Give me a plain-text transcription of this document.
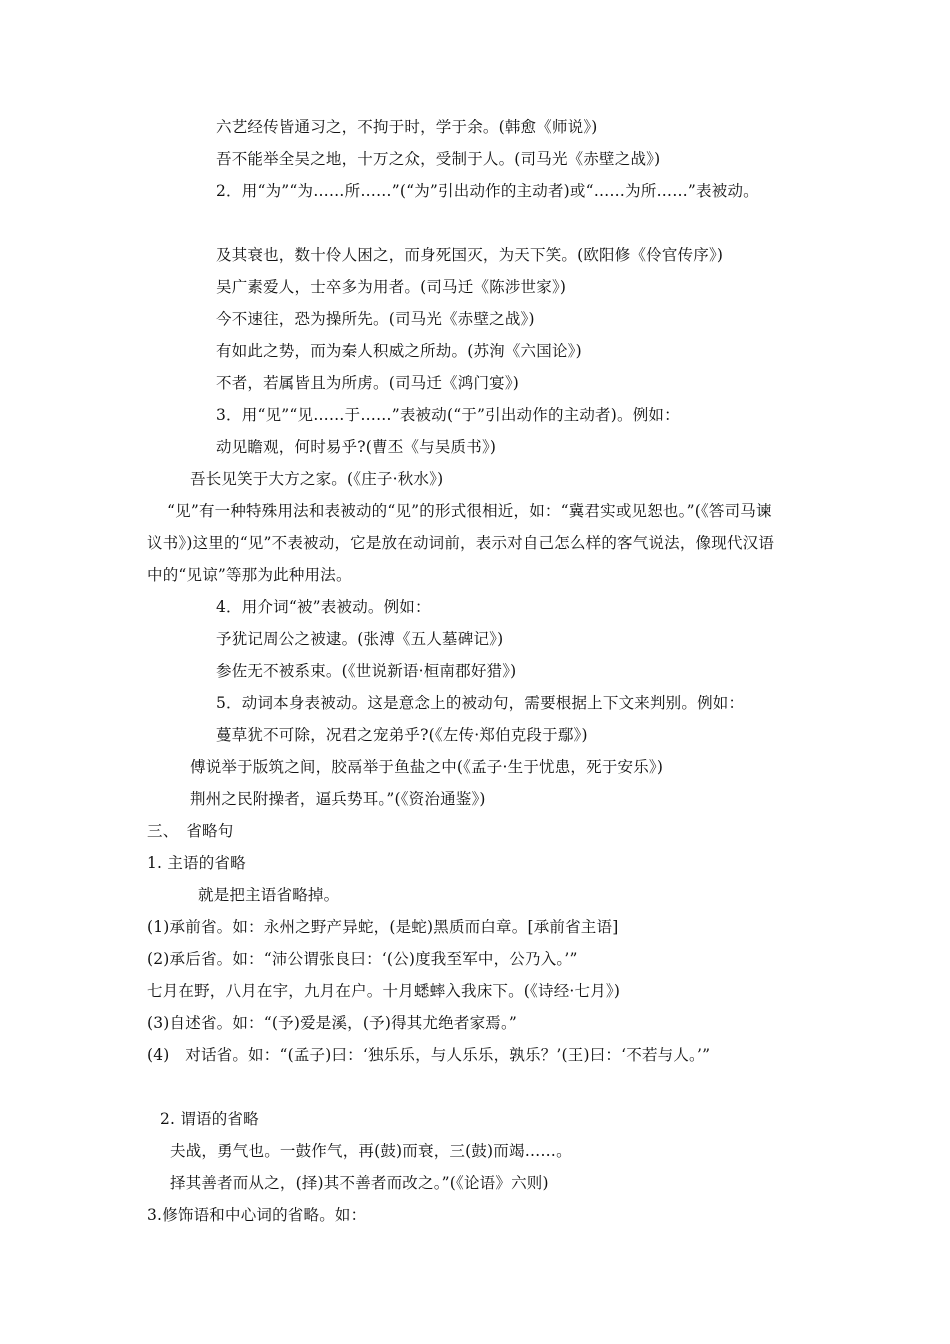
六艺经传皆通习之，不拘于时，学于余。(韩愈《师说》)
吾不能举全吴之地，十万之众，受制于人。(司马光《赤壁之战》)
2．用“为”“为……所……”(“为”引出动作的主动者)或“……为所……”表被动。
及其衰也，数十伶人困之，而身死国灭，为天下笑。(欧阳修《伶官传序》)
吴广素爱人，士卒多为用者。(司马迁《陈涉世家》)
今不速往，恐为操所先。(司马光《赤壁之战》)
有如此之势，而为秦人积威之所劫。(苏洵《六国论》)
不者，若属皆且为所虏。(司马迁《鸿门宴》)
3．用“见”“见……于……”表被动(“于”引出动作的主动者)。例如：
动见瞻观，何时易乎?(曹丕《与吴质书》)
吾长见笑于大方之家。(《庄子·秋水》)
“见”有一种特殊用法和表被动的“见”的形式很相近，如：“冀君实或见恕也。”(《答司马谏议书》)这里的“见”不表被动，它是放在动词前，表示对自己怎么样的客气说法，像现代汉语中的“见谅”等那为此种用法。
4．用介词“被”表被动。例如：
予犹记周公之被逮。(张溥《五人墓碑记》)
参佐无不被系束。(《世说新语·桓南郡好猎》)
5．动词本身表被动。这是意念上的被动句，需要根据上下文来判别。例如：
蔓草犹不可除，况君之宠弟乎?(《左传·郑伯克段于鄢》)
傅说举于版筑之间，胶鬲举于鱼盐之中(《孟子·生于忧患，死于安乐》)
荆州之民附操者，逼兵势耳。”(《资治通鉴》)
三、　省略句
1. 主语的省略
就是把主语省略掉。
(1)承前省。如：永州之野产异蛇，(是蛇)黑质而白章。[承前省主语]
(2)承后省。如：“沛公谓张良曰：‘(公)度我至军中，公乃入。’”
七月在野，八月在宇，九月在户。十月蟋蟀入我床下。(《诗经·七月》)
(3)自述省。如：“(予)爱是溪，(予)得其尤绝者家焉。”
(4)　对话省。如：“(孟子)曰：‘独乐乐，与人乐乐，孰乐？’(王)曰：‘不若与人。’”
2. 谓语的省略
夫战，勇气也。一鼓作气，再(鼓)而衰，三(鼓)而竭……。
择其善者而从之，(择)其不善者而改之。”(《论语》六则)
3.修饰语和中心词的省略。如：
